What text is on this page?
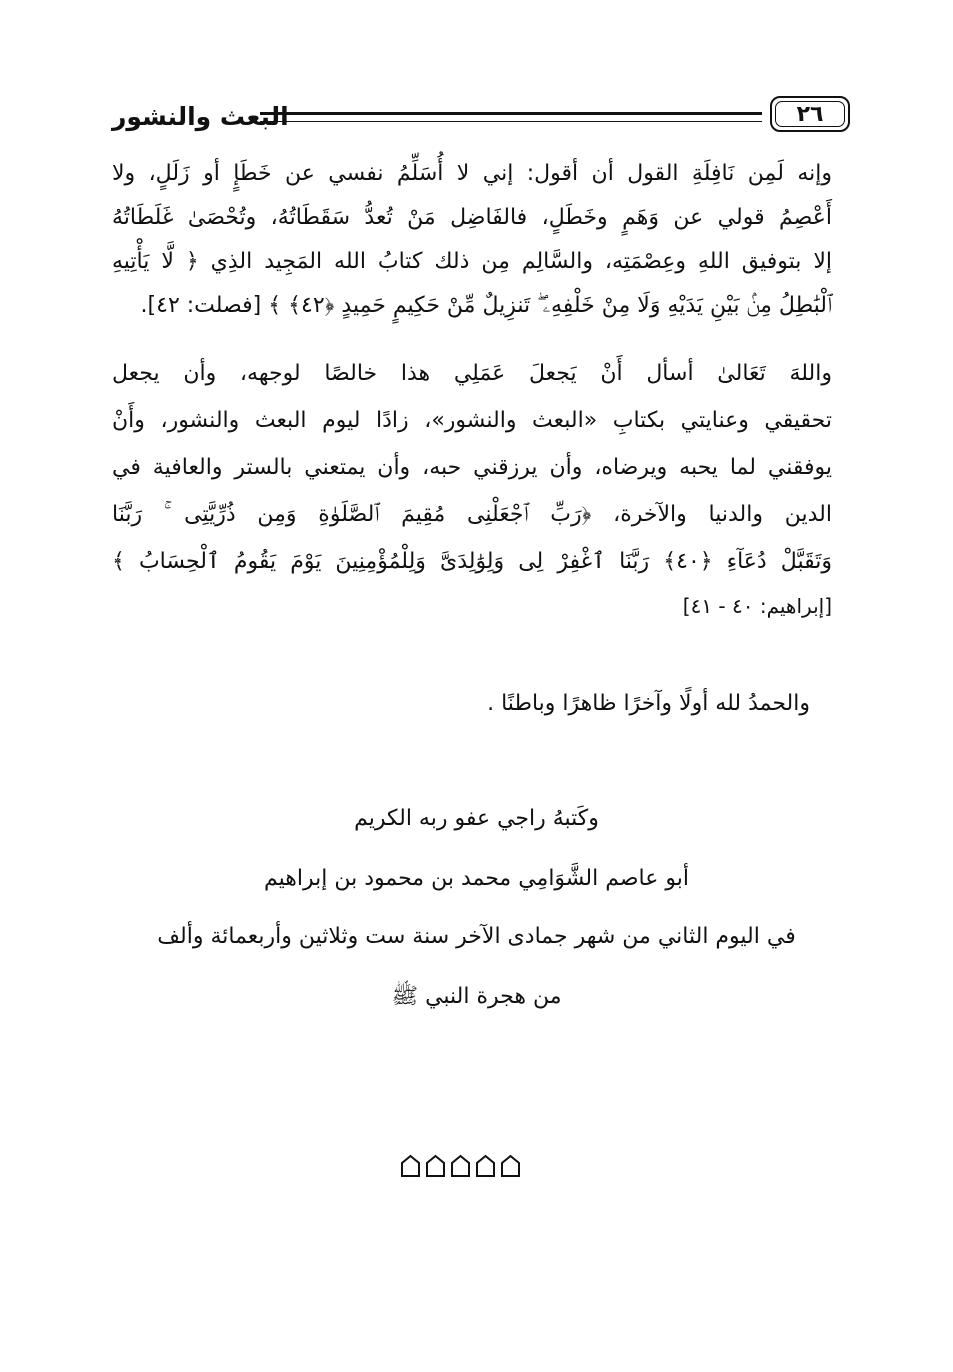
البعث والنشور	٢٦
وإنه لَمِن نَافِلَةِ القول أن أقول: إني لا أُسَلِّمُ نفسي عن خَطَإٍ أو زَلَلٍ، ولا
أَعْصِمُ قولي عن وَهَمٍ وخَطَلٍ، فالفَاضِل مَنْ تُعدُّ سَقَطَاتُهُ، وتُحْصَىٰ غَلَطَاتُهُ
إلا بتوفيق اللهِ وعِصْمَتِه، والسَّالِم مِن ذلك كتابُ الله المَجِيد الذِي ﴿ لَّا يَأْتِيهِ
ٱلْبَٰطِلُ مِنۢ بَيْنِ يَدَيْهِ وَلَا مِنْ خَلْفِهِۦ ۖ تَنزِيلٌ مِّنْ حَكِيمٍ حَمِيدٍ ﴿٤٢﴾ ﴾ [فصلت: ٤٢].
واللهَ تَعَالىٰ أسأل أَنْ يَجعلَ عَمَلِي هذا خالصًا لوجهه، وأن يجعل
تحقيقي وعنايتي بكتابِ «البعث والنشور»، زادًا ليوم البعث والنشور، وأَنْ
يوفقني لما يحبه ويرضاه، وأن يرزقني حبه، وأن يمتعني بالستر والعافية في
الدين والدنيا والآخرة، ﴿رَبِّ ٱجْعَلْنِى مُقِيمَ ٱلصَّلَوٰةِ وَمِن ذُرِّيَّتِى ۚ رَبَّنَا
وَتَقَبَّلْ دُعَآءِ ﴿٤٠﴾ رَبَّنَا ٱغْفِرْ لِى وَلِوَٰلِدَىَّ وَلِلْمُؤْمِنِينَ يَوْمَ يَقُومُ ٱلْحِسَابُ ﴾
[إبراهيم: ٤٠ - ٤١]
والحمدُ لله أولًا وآخرًا ظاهرًا وباطنًا .
وكَتبهُ راجي عفو ربه الكريم
أبو عاصم الشَّوَامِي محمد بن محمود بن إبراهيم
في اليوم الثاني من شهر جمادى الآخر سنة ست وثلاثين وأربعمائة وألف
من هجرة النبي ﷺ
